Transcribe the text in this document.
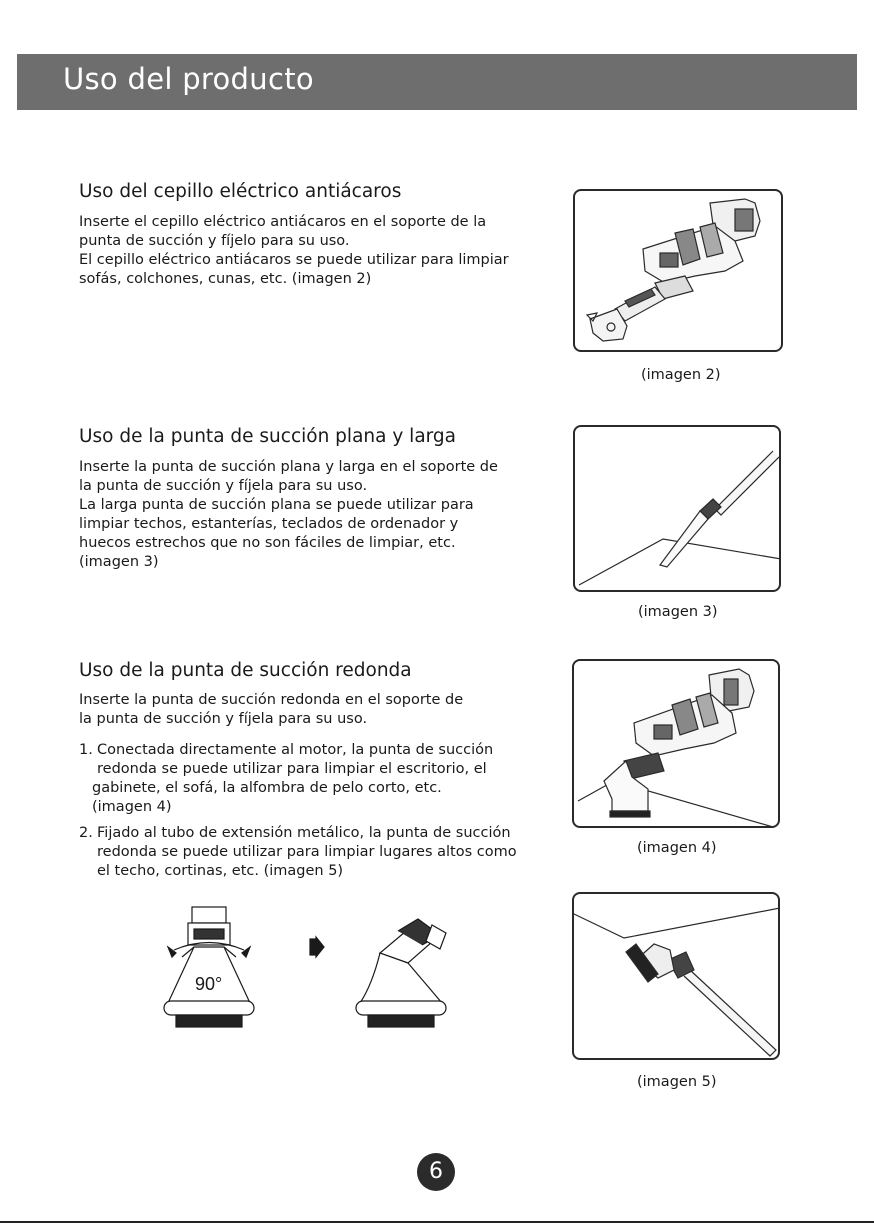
Uso del producto
Uso del cepillo eléctrico antiácaros

Inserte el cepillo eléctrico antiácaros en el soporte de la

punta de succión y fíjelo para su uso.

El cepillo eléctrico antiácaros se puede utilizar para limpiar

sofás, colchones, cunas, etc. (imagen 2)

Uso de la punta de succión plana y larga

Inserte la punta de succión plana y larga en el soporte de

la punta de succión y fíjela para su uso.

La larga punta de succión plana se puede utilizar para

limpiar techos, estanterías, teclados de ordenador y

huecos estrechos que no son fáciles de limpiar, etc.

(imagen 3)

Uso de la punta de succión redonda

Inserte la punta de succión redonda en el soporte de

la punta de succión y fíjela para su uso.

1. Conectada directamente al motor, la punta de succión
redonda se puede utilizar para limpiar el escritorio, el
gabinete, el sofá, la alfombra de pelo corto, etc.
(imagen 4)
2. Fijado al tubo de extensión metálico, la punta de succión
redonda se puede utilizar para limpiar lugares altos como
el techo, cortinas, etc. (imagen 5)
(imagen 2)
(imagen 3)
(imagen 4)
(imagen 5)
90°
6
